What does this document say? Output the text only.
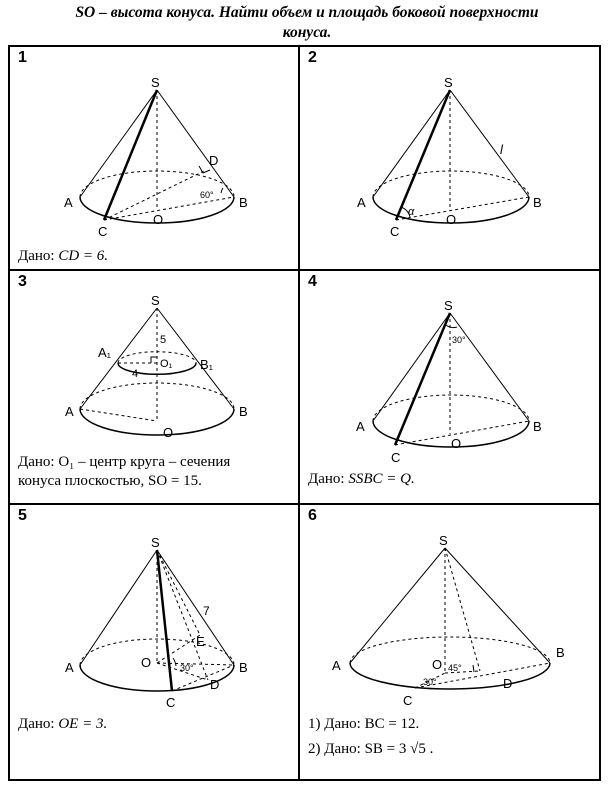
SO – высота конуса. Найти объем и площадь боковой поверхности
конуса.
1
S
A	B
C
D
O
60°
Дано: CD = 6.
2
S
A	B
C
O
l
α
3
S
5
A₁
B₁
O₁
4
A	B
O
Дано: O₁ – центр круга – сечения
конуса плоскостью, SO = 15.
4
S
30°
A	B
C
O
Дано: SSBC = Q.
5
S
7
E
O	30°
D
A	B
C
Дано: OE = 3.
6
S
O 45°
30°
A
B
C
D
1) Дано: BC = 12.
2) Дано: SB = 3 √5 .
